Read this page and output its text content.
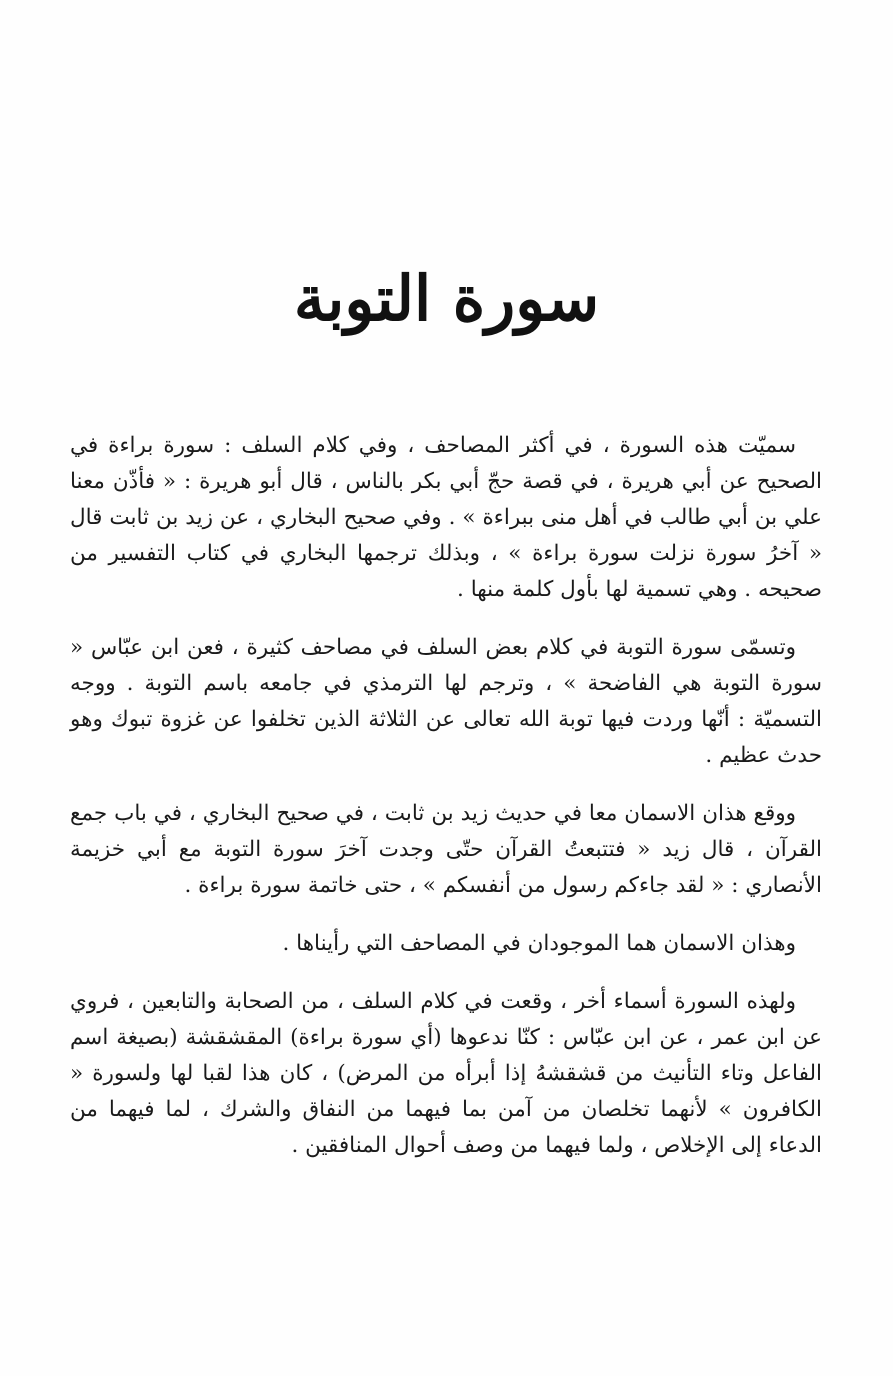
سورة التوبة

سميّت هذه السورة ، في أكثر المصاحف ، وفي كلام السلف : سورة براءة في الصحيح عن أبي هريرة ، في قصة حجّ أبي بكر بالناس ، قال أبو هريرة : « فأذّن معنا علي بن أبي طالب في أهل منى ببراءة » . وفي صحيح البخاري ، عن زيد بن ثابت قال « آخرُ سورة نزلت سورة براءة » ، وبذلك ترجمها البخاري في كتاب التفسير من صحيحه . وهي تسمية لها بأول كلمة منها .

وتسمّى سورة التوبة في كلام بعض السلف في مصاحف كثيرة ، فعن ابن عبّاس « سورة التوبة هي الفاضحة » ، وترجم لها الترمذي في جامعه باسم التوبة . ووجه التسميّة : أنّها وردت فيها توبة الله تعالى عن الثلاثة الذين تخلفوا عن غزوة تبوك وهو حدث عظيم .

ووقع هذان الاسمان معا في حديث زيد بن ثابت ، في صحيح البخاري ، في باب جمع القرآن ، قال زيد « فتتبعتُ القرآن حتّى وجدت آخرَ سورة التوبة مع أبي خزيمة الأنصاري : « لقد جاءكم رسول من أنفسكم » ، حتى خاتمة سورة براءة .

وهذان الاسمان هما الموجودان في المصاحف التي رأيناها .

ولهذه السورة أسماء أخر ، وقعت في كلام السلف ، من الصحابة والتابعين ، فروي عن ابن عمر ، عن ابن عبّاس : كنّا ندعوها (أي سورة براءة) المقشقشة (بصيغة اسم الفاعل وتاء التأنيث من قشقشهُ إذا أبرأه من المرض) ، كان هذا لقبا لها ولسورة « الكافرون » لأنهما تخلصان من آمن بما فيهما من النفاق والشرك ، لما فيهما من الدعاء إلى الإخلاص ، ولما فيهما من وصف أحوال المنافقين .
